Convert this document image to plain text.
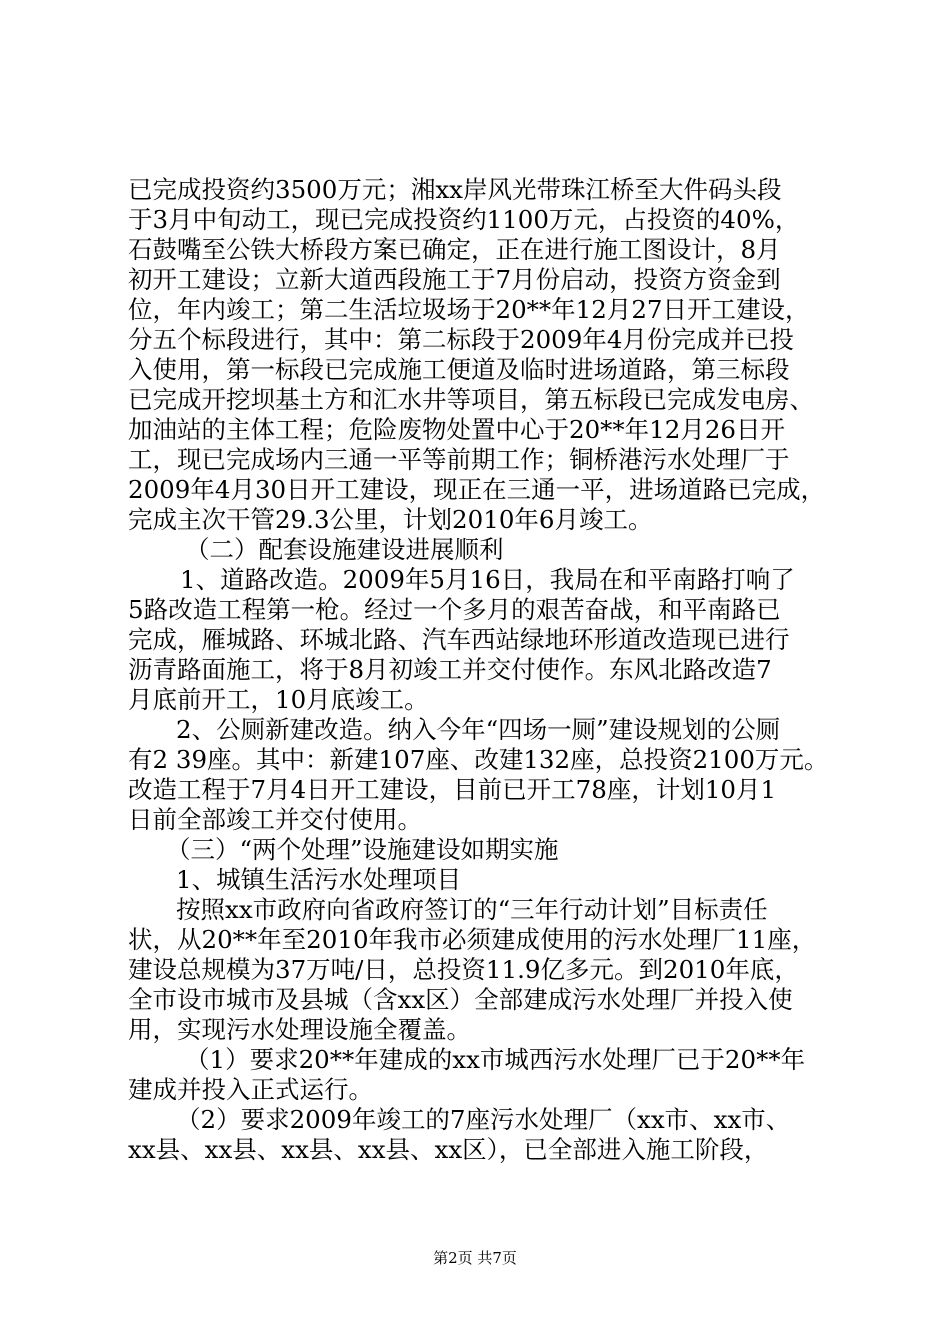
已完成投资约3500万元；湘xx岸风光带珠江桥至大件码头段
于3月中旬动工，现已完成投资约1100万元，占投资的40%，
石鼓嘴至公铁大桥段方案已确定，正在进行施工图设计，8月
初开工建设；立新大道西段施工于7月份启动，投资方资金到
位，年内竣工；第二生活垃圾场于20**年12月27日开工建设，
分五个标段进行，其中：第二标段于2009年4月份完成并已投
入使用，第一标段已完成施工便道及临时进场道路，第三标段
已完成开挖坝基土方和汇水井等项目，第五标段已完成发电房、
加油站的主体工程；危险废物处置中心于20**年12月26日开
工，现已完成场内三通一平等前期工作；铜桥港污水处理厂于
2009年4月30日开工建设，现正在三通一平，进场道路已完成，
完成主次干管29.3公里，计划2010年6月竣工。
（二）配套设施建设进展顺利
1、道路改造。2009年5月16日，我局在和平南路打响了
5路改造工程第一枪。经过一个多月的艰苦奋战，和平南路已
完成，雁城路、环城北路、汽车西站绿地环形道改造现已进行
沥青路面施工，将于8月初竣工并交付使作。东风北路改造7
月底前开工，10月底竣工。
2、公厕新建改造。纳入今年“四场一厕”建设规划的公厕
有2 39座。其中：新建107座、改建132座，总投资2100万元。
改造工程于7月4日开工建设，目前已开工78座，计划10月1
日前全部竣工并交付使用。
（三）“两个处理”设施建设如期实施
1、城镇生活污水处理项目
按照xx市政府向省政府签订的“三年行动计划”目标责任
状，从20**年至2010年我市必须建成使用的污水处理厂11座，
建设总规模为37万吨/日，总投资11.9亿多元。到2010年底，
全市设市城市及县城（含xx区）全部建成污水处理厂并投入使
用，实现污水处理设施全覆盖。
（1）要求20**年建成的xx市城西污水处理厂已于20**年
建成并投入正式运行。
（2）要求2009年竣工的7座污水处理厂（xx市、xx市、
xx县、xx县、xx县、xx县、xx区），已全部进入施工阶段，
第2页 共7页
